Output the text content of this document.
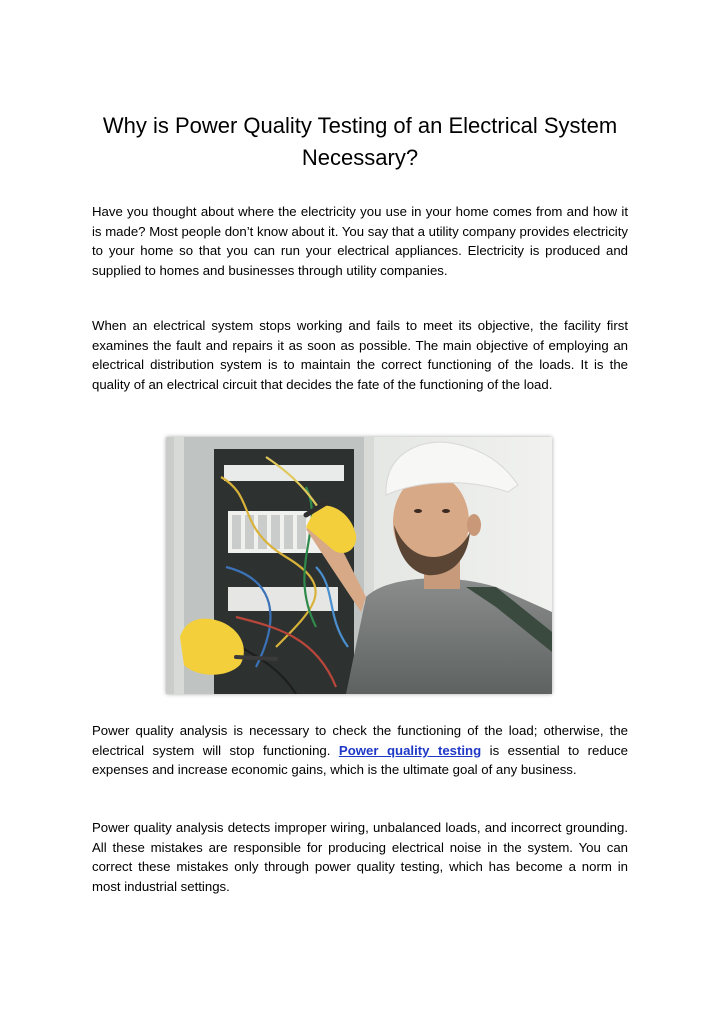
Why is Power Quality Testing of an Electrical System Necessary?

Have you thought about where the electricity you use in your home comes from and how it is made? Most people don’t know about it. You say that a utility company provides electricity to your home so that you can run your electrical appliances. Electricity is produced and supplied to homes and businesses through utility companies.

When an electrical system stops working and fails to meet its objective, the facility first examines the fault and repairs it as soon as possible. The main objective of employing an electrical distribution system is to maintain the correct functioning of the loads. It is the quality of an electrical circuit that decides the fate of the functioning of the load.

Power quality analysis is necessary to check the functioning of the load; otherwise, the electrical system will stop functioning. Power quality testing is essential to reduce expenses and increase economic gains, which is the ultimate goal of any business.

Power quality analysis detects improper wiring, unbalanced loads, and incorrect grounding. All these mistakes are responsible for producing electrical noise in the system. You can correct these mistakes only through power quality testing, which has become a norm in most industrial settings.
